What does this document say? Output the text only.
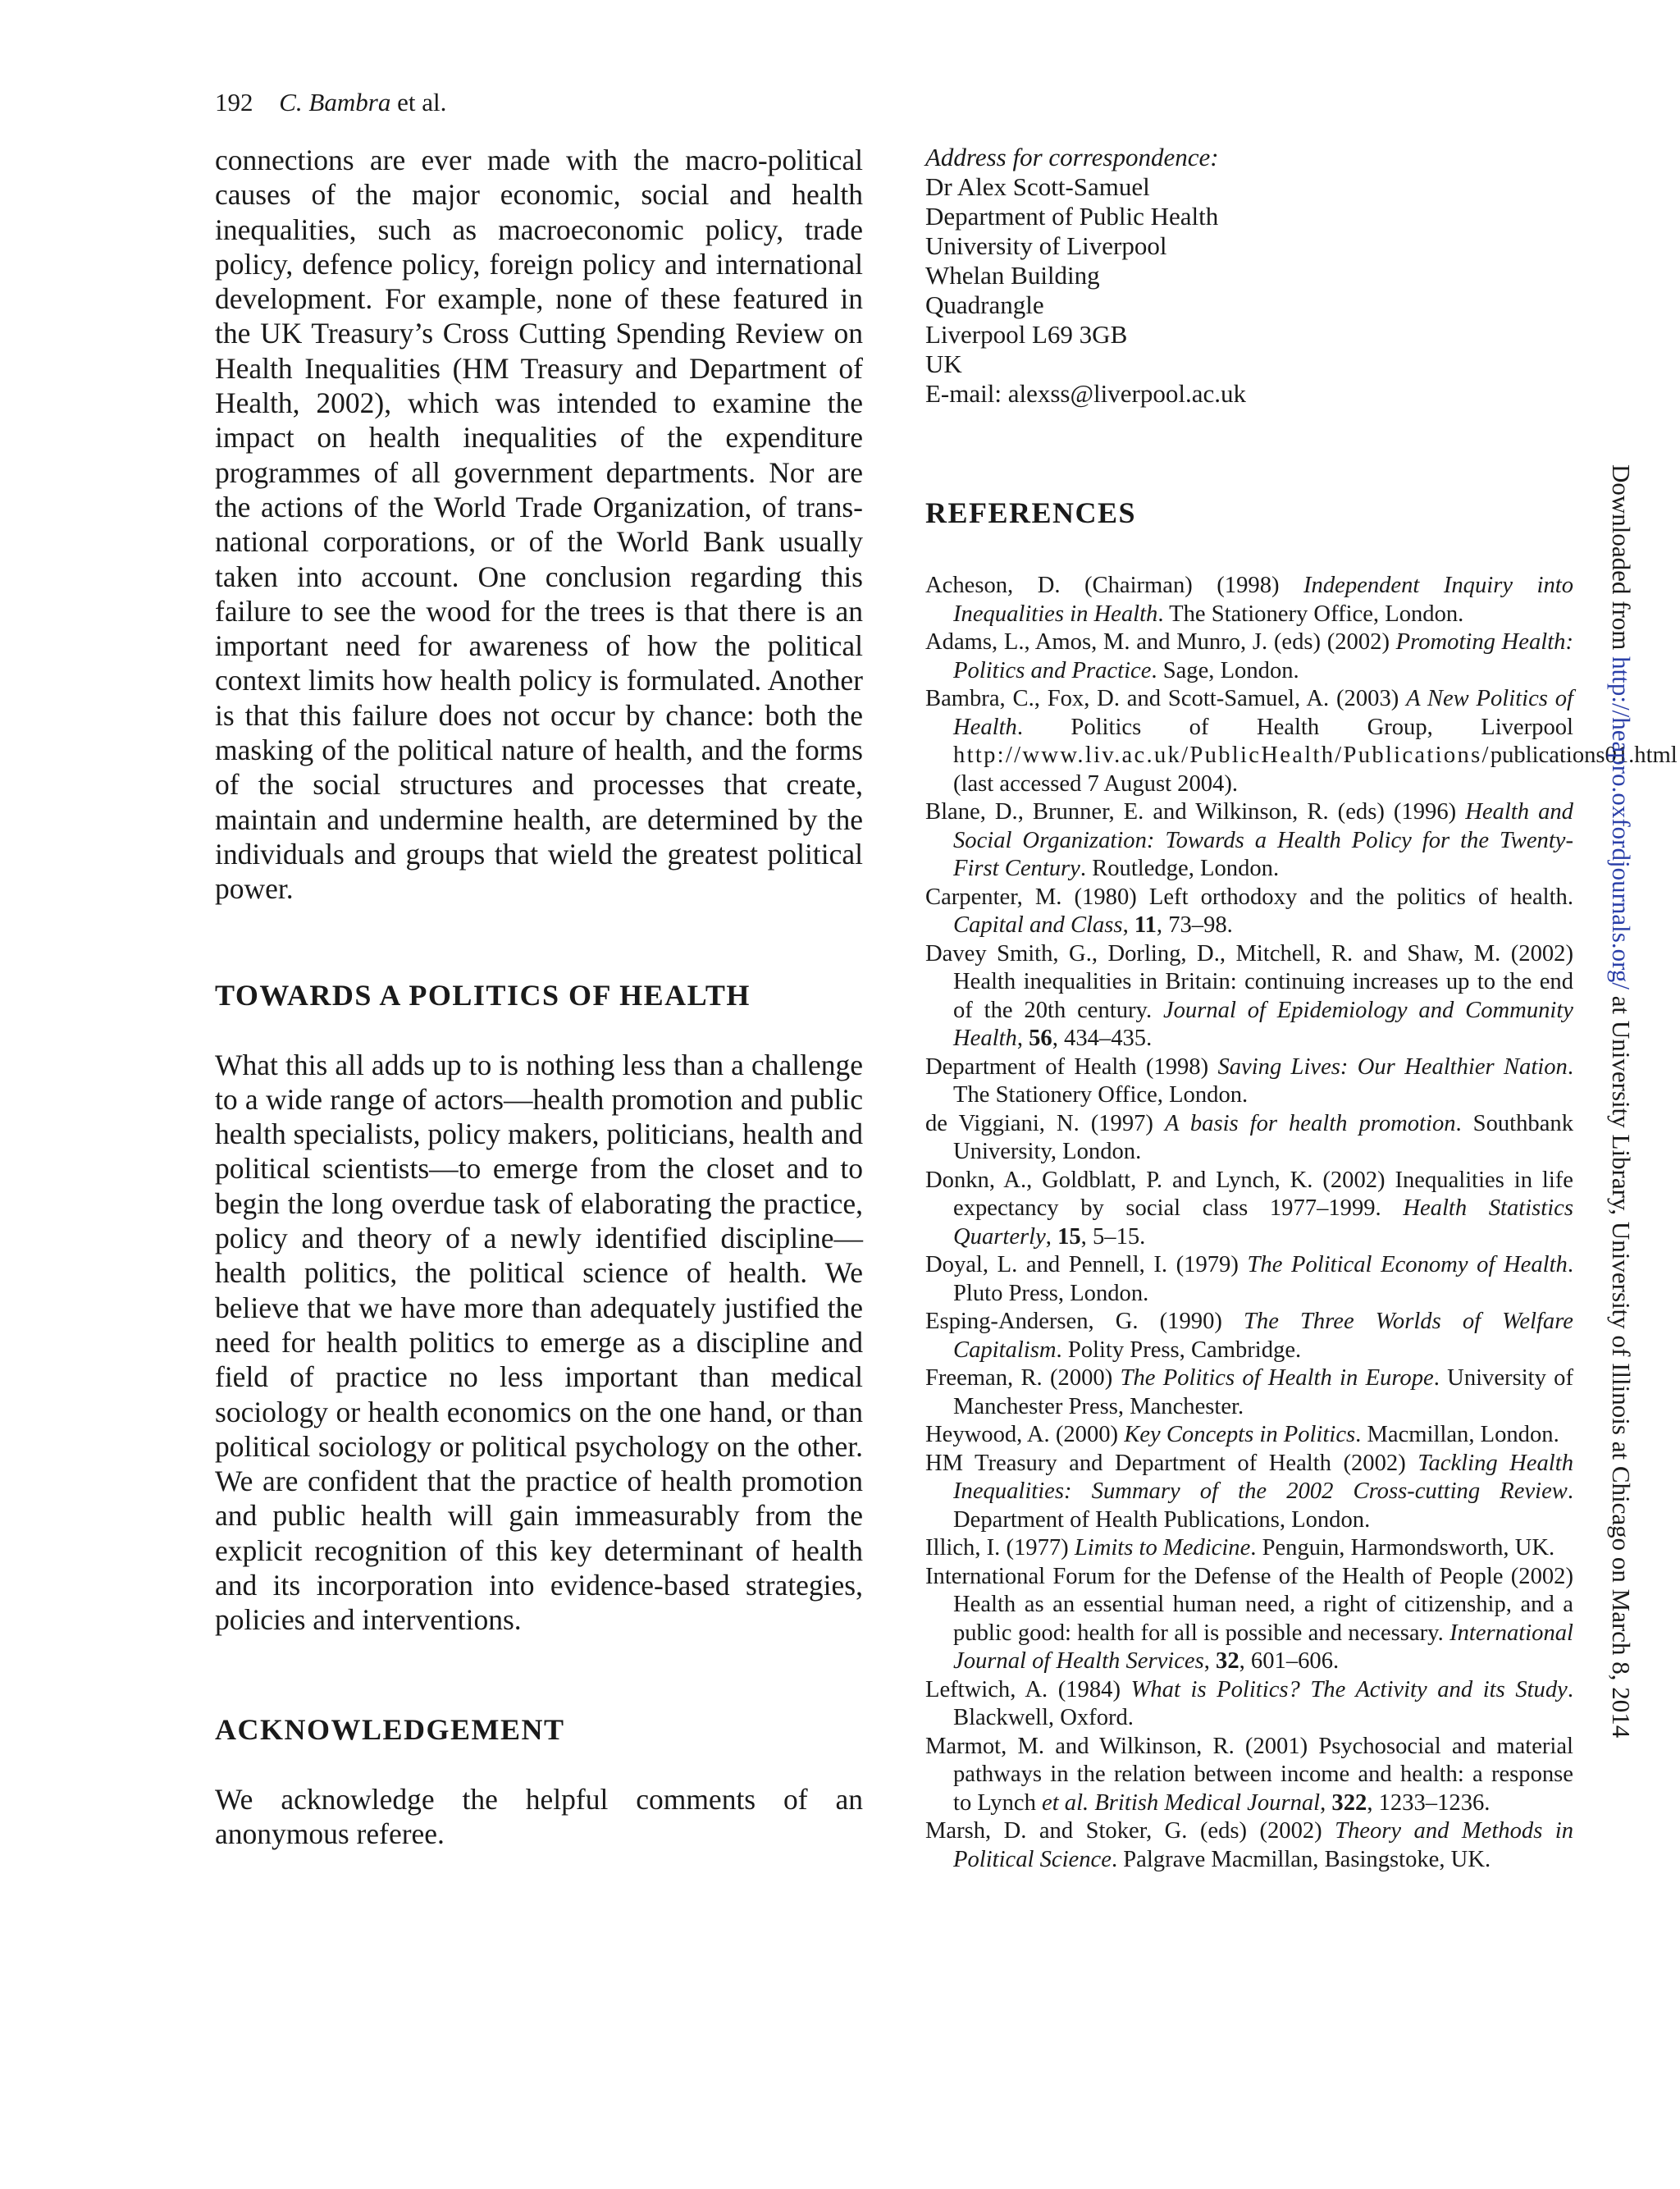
192 C. Bambra et al.

connections are ever made with the macro-political causes of the major economic, social and health inequalities, such as macroeconomic policy, trade policy, defence policy, foreign policy and international development. For example, none of these featured in the UK Treasury’s Cross Cutting Spending Review on Health Inequalities (HM Treasury and Department of Health, 2002), which was intended to examine the impact on health inequalities of the expenditure programmes of all government departments. Nor are the actions of the World Trade Organization, of trans-national corporations, or of the World Bank usually taken into account. One conclusion regarding this failure to see the wood for the trees is that there is an important need for awareness of how the political context limits how health policy is formulated. Another is that this failure does not occur by chance: both the masking of the political nature of health, and the forms of the social structures and processes that create, maintain and undermine health, are determined by the individuals and groups that wield the greatest political power.

TOWARDS A POLITICS OF HEALTH

What this all adds up to is nothing less than a challenge to a wide range of actors—health promotion and public health specialists, policy makers, politicians, health and political scientists—to emerge from the closet and to begin the long overdue task of elaborating the practice, policy and theory of a newly identified discipline—health politics, the political science of health. We believe that we have more than adequately justified the need for health politics to emerge as a discipline and field of practice no less important than medical sociology or health economics on the one hand, or than political sociology or political psychology on the other. We are confident that the practice of health promotion and public health will gain immeasurably from the explicit recognition of this key determinant of health and its incorporation into evidence-based strategies, policies and interventions.

ACKNOWLEDGEMENT

We acknowledge the helpful comments of an anonymous referee.

Address for correspondence:
Dr Alex Scott-Samuel
Department of Public Health
University of Liverpool
Whelan Building
Quadrangle
Liverpool L69 3GB
UK
E-mail: alexss@liverpool.ac.uk
REFERENCES
Acheson, D. (Chairman) (1998) Independent Inquiry into Inequalities in Health. The Stationery Office, London.
Adams, L., Amos, M. and Munro, J. (eds) (2002) Promoting Health: Politics and Practice. Sage, London.
Bambra, C., Fox, D. and Scott-Samuel, A. (2003) A New Politics of Health. Politics of Health Group, Liverpool http://www.liv.ac.uk/PublicHealth/Publications/publications01.html (last accessed 7 August 2004).
Blane, D., Brunner, E. and Wilkinson, R. (eds) (1996) Health and Social Organization: Towards a Health Policy for the Twenty-First Century. Routledge, London.
Carpenter, M. (1980) Left orthodoxy and the politics of health. Capital and Class, 11, 73–98.
Davey Smith, G., Dorling, D., Mitchell, R. and Shaw, M. (2002) Health inequalities in Britain: continuing increases up to the end of the 20th century. Journal of Epidemiology and Community Health, 56, 434–435.
Department of Health (1998) Saving Lives: Our Healthier Nation. The Stationery Office, London.
de Viggiani, N. (1997) A basis for health promotion. Southbank University, London.
Donkn, A., Goldblatt, P. and Lynch, K. (2002) Inequalities in life expectancy by social class 1977–1999. Health Statistics Quarterly, 15, 5–15.
Doyal, L. and Pennell, I. (1979) The Political Economy of Health. Pluto Press, London.
Esping-Andersen, G. (1990) The Three Worlds of Welfare Capitalism. Polity Press, Cambridge.
Freeman, R. (2000) The Politics of Health in Europe. University of Manchester Press, Manchester.
Heywood, A. (2000) Key Concepts in Politics. Macmillan, London.
HM Treasury and Department of Health (2002) Tackling Health Inequalities: Summary of the 2002 Cross-cutting Review. Department of Health Publications, London.
Illich, I. (1977) Limits to Medicine. Penguin, Harmondsworth, UK.
International Forum for the Defense of the Health of People (2002) Health as an essential human need, a right of citizenship, and a public good: health for all is possible and necessary. International Journal of Health Services, 32, 601–606.
Leftwich, A. (1984) What is Politics? The Activity and its Study. Blackwell, Oxford.
Marmot, M. and Wilkinson, R. (2001) Psychosocial and material pathways in the relation between income and health: a response to Lynch et al. British Medical Journal, 322, 1233–1236.
Marsh, D. and Stoker, G. (eds) (2002) Theory and Methods in Political Science. Palgrave Macmillan, Basingstoke, UK.
Downloaded from http://heapro.oxfordjournals.org/ at University Library, University of Illinois at Chicago on March 8, 2014
